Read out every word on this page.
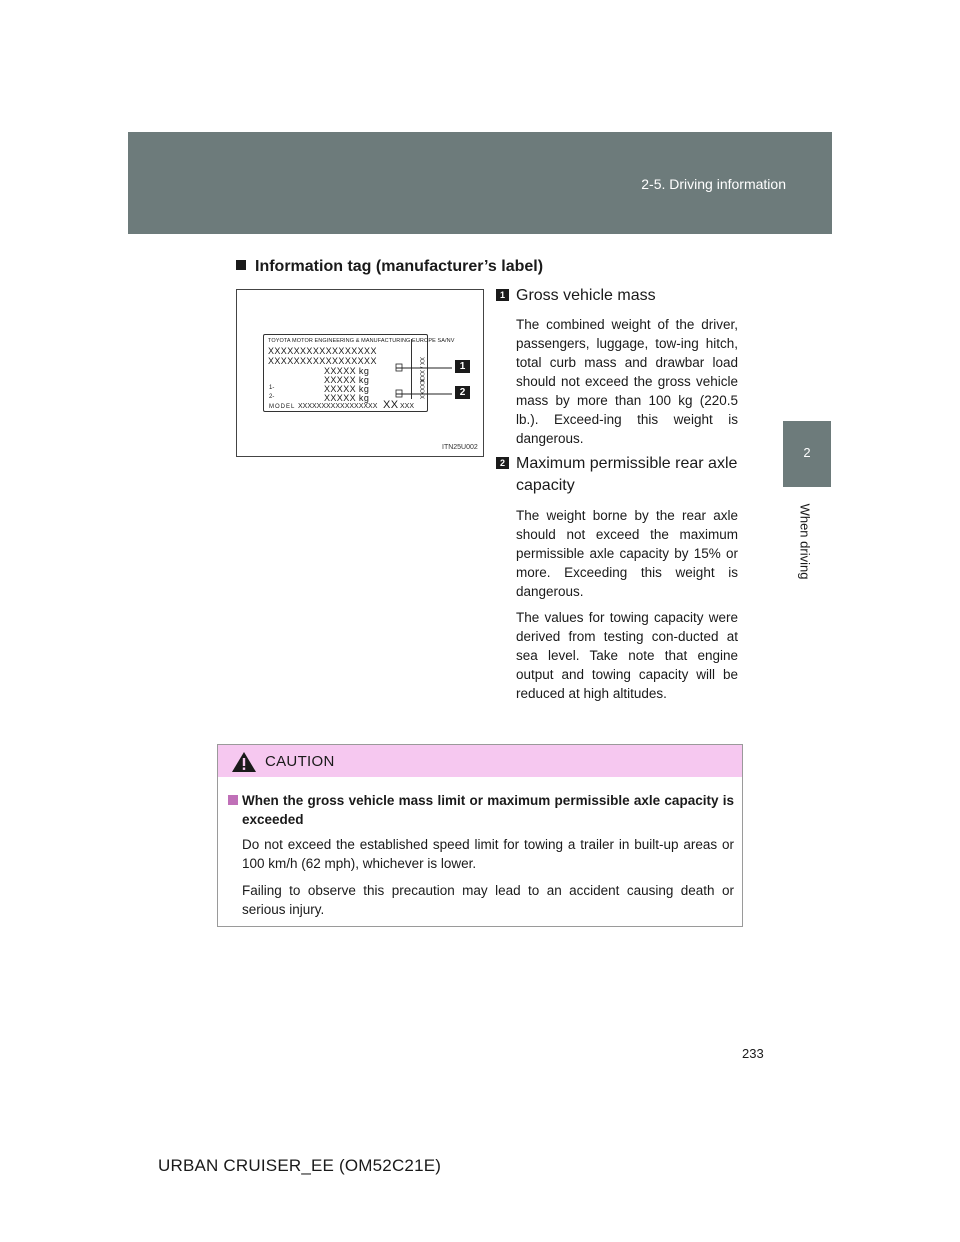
2-5. Driving information
2
When driving
Information tag (manufacturer’s label)
TOYOTA MOTOR ENGINEERING & MANUFACTURING EUROPE SA/NV
XXXXXXXXXXXXXXXXX
XXXXXXXXXXXXXXXXX
XXXXX kg
XXXXX kg
1-	XXXXX kg
2-	XXXXX kg
MODEL XXXXXXXXXXXXXXXXX XX XXX
XX / XXX
XXXXX
1
2
ITN25U002
1 Gross vehicle mass
The combined weight of the driver, passengers, luggage, tow-ing hitch, total curb mass and drawbar load should not exceed the gross vehicle mass by more than 100 kg (220.5 lb.). Exceed-ing this weight is dangerous.
2 Maximum permissible rear axle capacity
The weight borne by the rear axle should not exceed the maximum permissible axle capacity by 15% or more. Exceeding this weight is dangerous.
The values for towing capacity were derived from testing con-ducted at sea level. Take note that engine output and towing capacity will be reduced at high altitudes.
CAUTION
When the gross vehicle mass limit or maximum permissible axle capacity is exceeded
Do not exceed the established speed limit for towing a trailer in built-up areas or 100 km/h (62 mph), whichever is lower.
Failing to observe this precaution may lead to an accident causing death or serious injury.
233
URBAN CRUISER_EE (OM52C21E)
